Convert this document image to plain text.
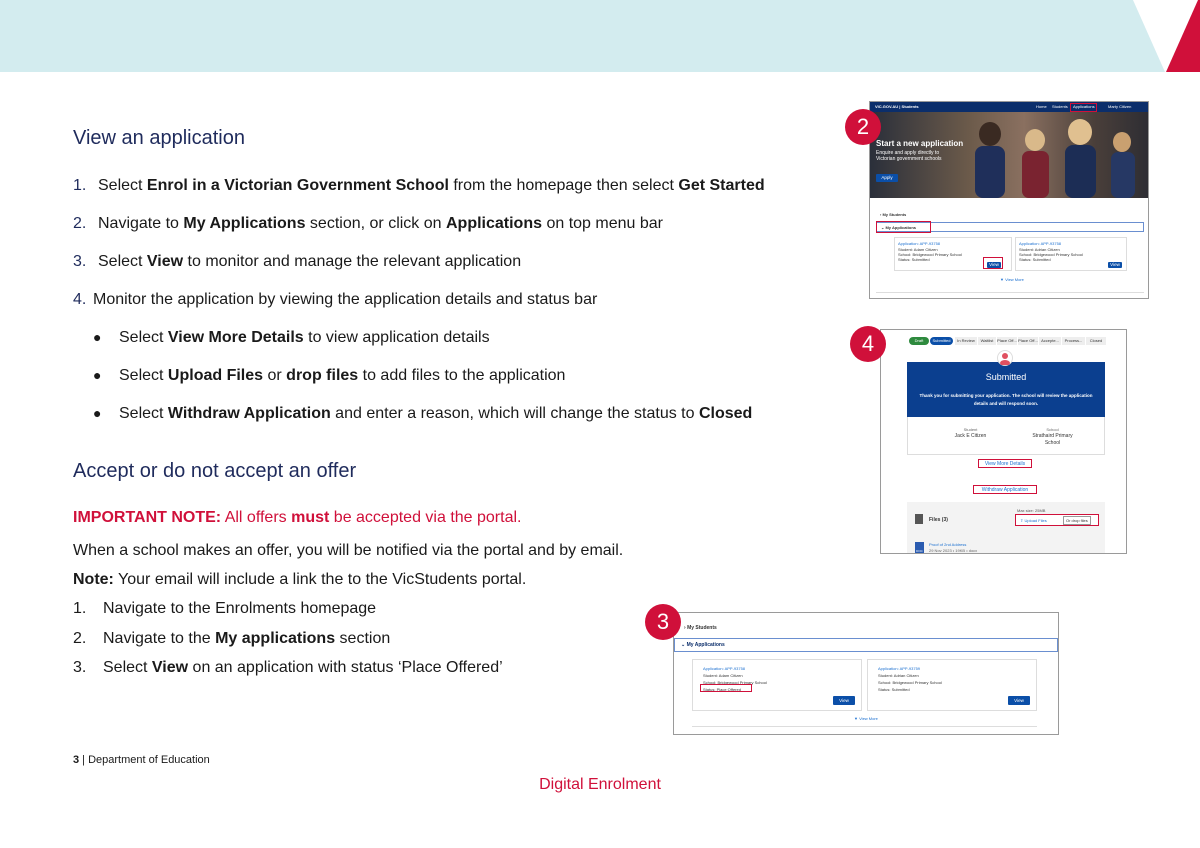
View an application
1. Select Enrol in a Victorian Government School from the homepage then select Get Started
2. Navigate to My Applications section, or click on Applications on top menu bar
3. Select View to monitor and manage the relevant application
4. Monitor the application by viewing the application details and status bar
● Select View More Details to view application details
● Select Upload Files or drop files to add files to the application
● Select Withdraw Application and enter a reason, which will change the status to Closed
Accept or do not accept an offer
IMPORTANT NOTE: All offers must be accepted via the portal.
When a school makes an offer, you will be notified via the portal and by email.
Note: Your email will include a link the to the VicStudents portal.
1. Navigate to the Enrolments homepage
2. Navigate to the My applications section
3. Select View on an application with status ‘Place Offered’
3 | Department of Education
Digital Enrolment
2
VIC.GOV.AU | Students	Home Students Applications	Marty Citizen
Start a new application
Enquire and apply directly to Victorian government schools
Apply
› My Students
⌄ My Applications
Application: APP-93758
Student: Adam Citizen
School: Bridgewood Primary School
Status: Submitted
View
Application: APP-93758
Student: Adrian Citizen
School: Bridgewood Primary School
Status: Submitted
View
▼ View More
4	Draft	Submitted	In Review	Waitlist Place Off... Place Off... Accepte...	Process...	Closed
Submitted
Thank you for submitting your application. The school will review the application details and will respond soon.
Student
Jack E Citizen
School
Strathaird Primary School
View More Details
Withdraw Application
Max size: 25MB
Files (3)	⇪ Upload Files	Or drop files
DOC
Proof of 2nd Address
29 Nov 2023 • 19KB • docx
3	› My Students
⌄ My Applications
Application: APP-93758
Student: Adam Citizen
School: Bridgewood Primary School
Status: Place Offered
View
Application: APP-93759
Student: Adrian Citizen
School: Bridgewood Primary School
Status: Submitted
View
▼ View More
